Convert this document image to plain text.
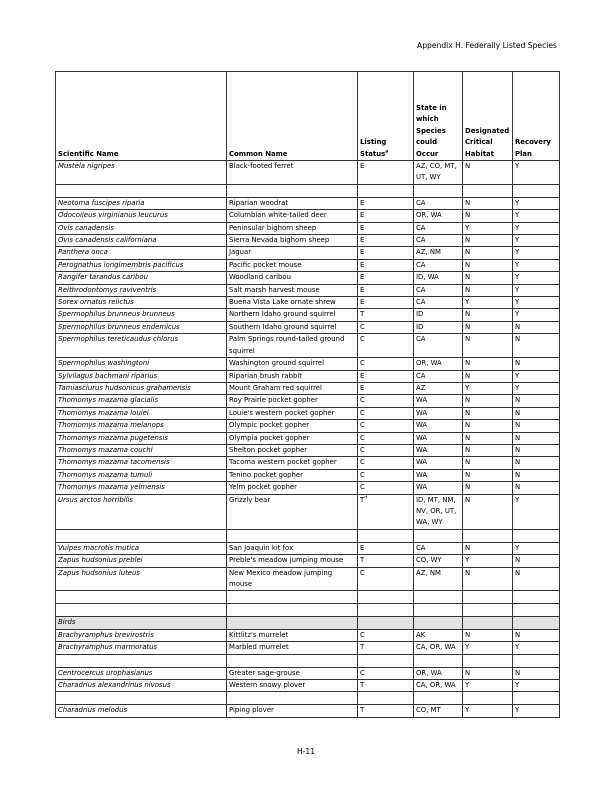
Appendix H. Federally Listed Species
Scientific Name	Common Name	Listing Status$^a$	State in which Species could Occur	Designated Critical Habitat	Recovery Plan
Mustela nigripes	Black-footed ferret	E	AZ, CO, MT, UT, WY	N	Y

Neotoma fuscipes riparia	Riparian woodrat	E	CA	N	Y
Odocoileus virginianus leucurus	Columbian white-tailed deer	E	OR, WA	N	Y
Ovis canadensis	Peninsular bighorn sheep	E	CA	Y	Y
Ovis canadensis californiana	Sierra Nevada bighorn sheep	E	CA	N	Y
Panthera onca	Jaguar	E	AZ, NM	N	Y
Perognathus longimembris pacificus	Pacific pocket mouse	E	CA	N	Y
Rangifer tarandus caribou	Woodland caribou	E	ID, WA	N	Y
Reithrodontomys raviventris	Salt marsh harvest mouse	E	CA	N	Y
Sorex ornatus relictus	Buena Vista Lake ornate shrew	E	CA	Y	Y
Spermophilus brunneus brunneus	Northern Idaho ground squirrel	T	ID	N	Y
Spermophilus brunneus endemicus	Southern Idaho ground squirrel	C	ID	N	N
Spermophilus tereticaudus chlorus	Palm Springs round-tailed ground squirrel	C	CA	N	N
Spermophilus washingtoni	Washington ground squirrel	C	OR, WA	N	N
Sylvilagus bachmani riparius	Riparian brush rabbit	E	CA	N	Y
Tamiasciurus hudsonicus grahamensis	Mount Graham red squirrel	E	AZ	Y	Y
Thomomys mazama glacialis	Roy Prairie pocket gopher	C	WA	N	N
Thomomys mazama louiei	Louie's western pocket gopher	C	WA	N	N
Thomomys mazama melanops	Olympic pocket gopher	C	WA	N	N
Thomomys mazama pugetensis	Olympia pocket gopher	C	WA	N	N
Thomomys mazama couchi	Shelton pocket gopher	C	WA	N	N
Thomomys mazama tacomensis	Tacoma western pocket gopher	C	WA	N	N
Thomomys mazama tumuli	Tenino pocket gopher	C	WA	N	N
Thomomys mazama yelmensis	Yelm pocket gopher	C	WA	N	N
Ursus arctos horribilis	Grizzly bear	$T^d$	ID, MT, NM, NV, OR, UT, WA, WY	N	Y

Vulpes macrotis mutica	San Joaquin kit fox	E	CA	N	Y
Zapus hudsonius preblei	Preble's meadow jumping mouse	T	CO, WY	Y	N
Zapus hudsonius luteus	New Mexico meadow jumping mouse	C	AZ, NM	N	N

Birds					
Brachyramphus brevirostris	Kittlitz's murrelet	C	AK	N	N
Brachyramphus marmoratus	Marbled murrelet	T	CA, OR, WA	Y	Y

Centrocercus urophasianus	Greater sage-grouse	C	OR, WA	N	N
Charadrius alexandrinus nivosus	Western snowy plover	T	CA, OR, WA	Y	Y

Charadrius melodus	Piping plover	T	CO, MT	Y	Y
H-11
